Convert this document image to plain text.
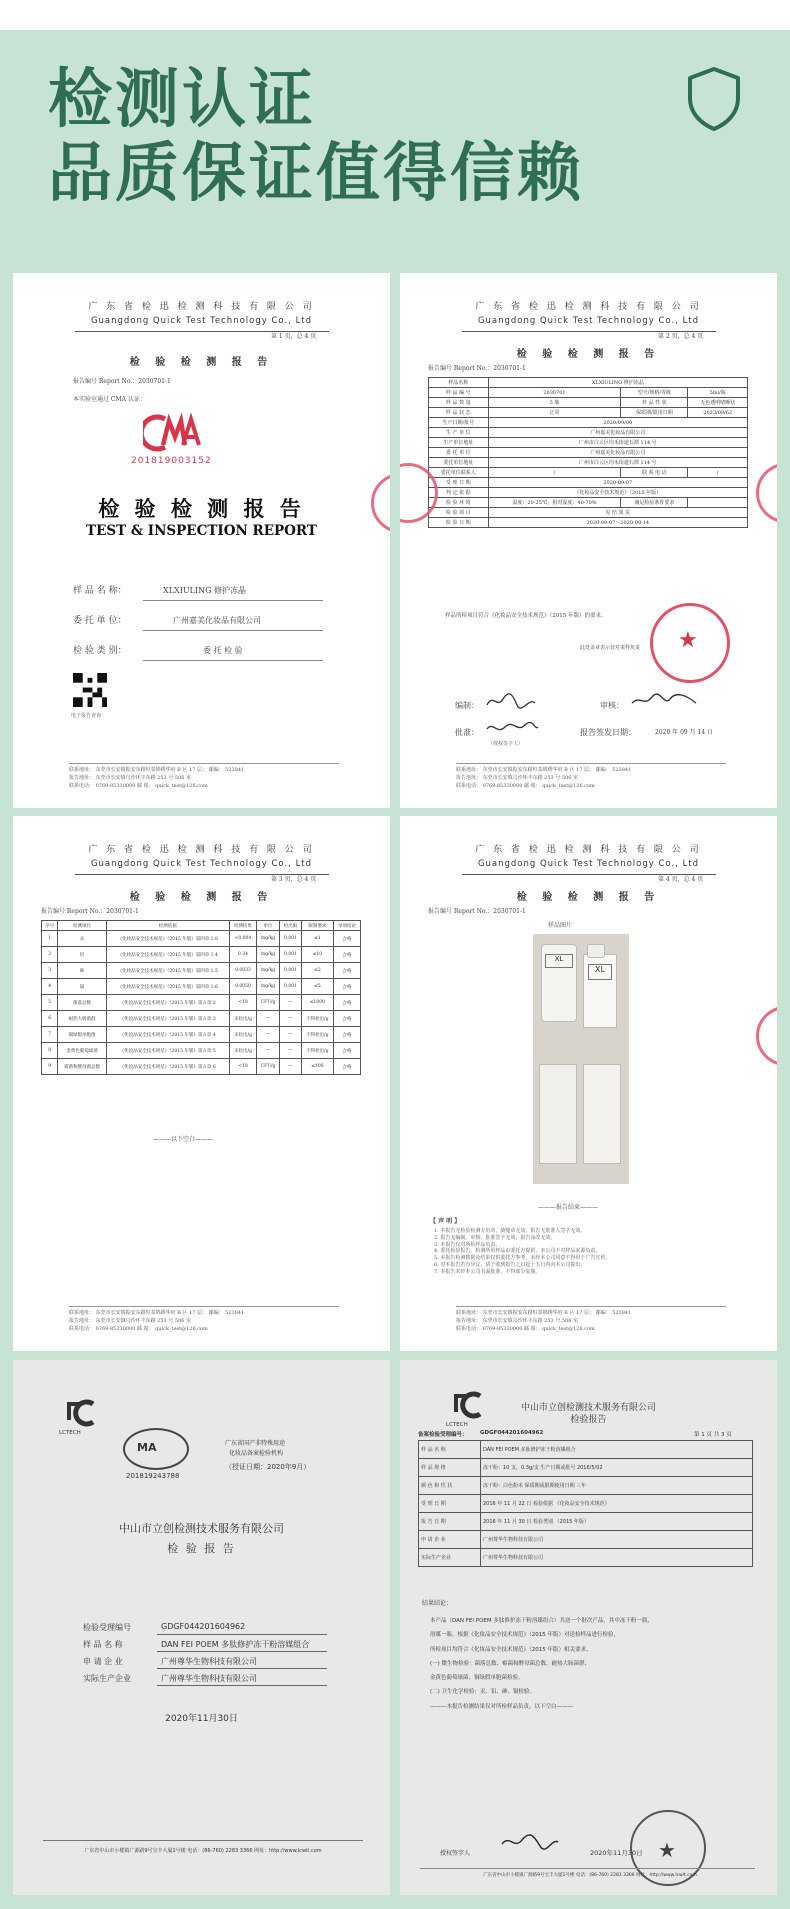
检测认证
品质保证值得信赖
广 东 省 检 迅 检 测 科 技 有 限 公 司
Guangdong Quick Test Technology Co., Ltd
第 1 页，总 4 页
检 验 检 测 报 告
报告编号 Report No.：2030701-1
本实验室通过 CMA 认证：
201819003152
检 验 检 测 报 告
TEST & INSPECTION REPORT
样 品 名 称：	XLXIULING 修护冻晶
委 托 单 位：	广州嘉美化妆品有限公司
检 验 类 别：	委 托 检 验
电子报告查询
联系地址： 东莞市长安镇振安东路恒泰锦绣华府 B 区 17 层； 邮编： 523841
报告地址： 东莞市长安镇乌沙环丰东路 253 号 506 室
联系电话： 0769-85330000 邮 箱： quick_test@126.com
广 东 省 检 迅 检 测 科 技 有 限 公 司
Guangdong Quick Test Technology Co., Ltd
第 2 页，总 4 页
检 验 检 测 报 告
报告编号 Report No.：2030701-1
样品名称	XLXIULING 修护冻晶		
样 品 编 号	2030701	型号/规格/等级	5ml/瓶
样 品 数 量	5 瓶	样 品 性 状	无色透明啫喱状
样 品 状 态	正常	保质期/限用日期	2023/09/62
生产日期/批号	2020/09/00		
生 产 单 位	广州嘉美化妆品有限公司		
生产单位地址	广州市白云区均禾街道石潭 114 号		
委 托 单 位	广州嘉美化妆品有限公司		
委托单位地址	广州市白云区均禾街道石潭 114 号		
委托单位联系人	/	联 系 电 话	/
受 理 日 期	2020-09-07		
判 定 依 据	《化妆品安全技术规范》（2015 年版）		
检 验 环 境	温度：20-25℃，相对湿度：40-70%	满足检验条件要求	
检 验 项 目	见 结 果 页		
检 验 日 期	2020-09-07～2020-09-14		
样品所检项目符合《化妆品安全技术规范》（2015 年版）的要求。
此处盖章表示仅对来样负责
编制：	审核：
批准：
（授权签字人）
报告签发日期：	2020 年 09 月 14 日
联系地址： 东莞市长安镇振安东路恒泰锦绣华府 B 区 17 层； 邮编： 523841
报告地址： 东莞市长安镇乌沙环丰东路 253 号 506 室
联系电话： 0769-85330000 邮 箱： quick_test@126.com
★
广 东 省 检 迅 检 测 科 技 有 限 公 司
Guangdong Quick Test Technology Co., Ltd
第 3 页，总 4 页
检 验 检 测 报 告
报告编号 Report No.：2030701-1
序号	检测项目	检测依据	检测结果	单位	检出限	限制要求	单项结论
1	汞	《化妆品安全技术规范》（2015 年版）第四章 1.8	<0.004	mg/kg	0.001	≤1	合格
2	铅	《化妆品安全技术规范》（2015 年版）第四章 1.4	0.34	mg/kg	0.001	≤10	合格
3	砷	《化妆品安全技术规范》（2015 年版）第四章 1.5	0.0033	mg/kg	0.001	≤2	合格
4	镉	《化妆品安全技术规范》（2015 年版）第四章 1.6	0.0050	mg/kg	0.001	≤5	合格
5	菌落总数	《化妆品安全技术规范》（2015 年版）第五章 2	<10	CFU/g	—	≤1000	合格
6	耐热大肠菌群	《化妆品安全技术规范》（2015 年版）第五章 3	未检出/g	—	—	不得检出/g	合格
7	铜绿假单胞菌	《化妆品安全技术规范》（2015 年版）第五章 4	未检出/g	—	—	不得检出/g	合格
8	金黄色葡萄球菌	《化妆品安全技术规范》（2015 年版）第五章 5	未检出/g	—	—	不得检出/g	合格
9	霉菌和酵母菌总数	《化妆品安全技术规范》（2015 年版）第五章 6	<10	CFU/g	—	≤100	合格
———以下空白———
联系地址： 东莞市长安镇振安东路恒泰锦绣华府 B 区 17 层； 邮编： 523841
报告地址： 东莞市长安镇乌沙环丰东路 253 号 506 室
联系电话： 0769-85330000 邮 箱： quick_test@126.com
广 东 省 检 迅 检 测 科 技 有 限 公 司
Guangdong Quick Test Technology Co., Ltd
第 4 页，总 4 页
检 验 检 测 报 告
报告编号 Report No.：2030701-1
样品图片
XL
XL
———报告结束———
【 声 明 】
1. 本报告无检验检测专用章、骑缝章无效，报告无批准人签字无效。
2. 报告无编制、审核、批准签字无效，报告涂改无效。
3. 本报告仅对所检样品负责。
4. 委托检验报告，检测所用样品由委托方提供，本公司不对样品来源负责。
5. 本报告检测数据及结果仅供委托方参考，未经本公司同意不得用于广告宣传。
6. 对本报告若有异议，请于收到报告之日起十五日内向本公司提出。
7. 本报告未经本公司书面批准，不得部分复制。
联系地址： 东莞市长安镇振安东路恒泰锦绣华府 B 区 17 层； 邮编： 523841
报告地址： 东莞市长安镇乌沙环丰东路 253 号 506 室
联系电话： 0769-85330000 邮 箱： quick_test@126.com
LCTECH
MA
201819243788
广东省国产非特殊用途
化妆品备案检验机构
（授证日期：2020年9月）
中山市立创检测技术服务有限公司
检 验 报 告
2020年11月30日
广东省中山市小榄镇广源路9号宝丰大厦1号楼 电话：(86-760) 2283 3366 网址：http://www.lcwit.com
检验受理编号	GDGF044201604962
样 品 名 称	DAN FEI POEM 多肽修护冻干粉溶媒组合
申 请 企 业	广州尊华生物科技有限公司
实际生产企业	广州尊华生物科技有限公司
LCTECH
中山市立创检测技术服务有限公司
检验报告
备案检验受理编号： GDGF044201604962	第 1 页 共 3 页
样 品 名 称	DAN FEI POEM 多肽修护冻干粉溶媒组合
样 品 规 格	冻干粉：10 支，0.3g/支 生产日期或批号 2016/5/02
颜 色 和 性 状	冻干粉：白色粉末 保质期或限期使用日期 三年
受 理 日 期	2016 年 11 月 22 日 检验依据 《化妆品安全技术规范》
报 告 日 期	2016 年 11 月 30 日 检验类别 （2015 年版）
申 请 企 业	广州尊华生物科技有限公司
实际生产企业	广州尊华生物科技有限公司
结果结论：
本产品（DAN FEI POEM 多肽修护冻干粉溶媒组合）共送一个批次产品，其中冻干粉一瓶，
溶媒一瓶。根据《化妆品安全技术规范》（2015 年版）对送检样品进行检验，
所检项目均符合《化妆品安全技术规范》（2015 年版）相关要求。
(一) 微生物检验：菌落总数、霉菌和酵母菌总数、耐热大肠菌群、
金黄色葡萄球菌、铜绿假单胞菌检验。
(二) 卫生化学检验：汞、铅、砷、镉检验。
———本报告检测结果仅对所检样品负责，以下空白———
授权签字人	2020年11月30日 ★
广东省中山市小榄镇广源路9号宝丰大厦1号楼 电话：(86-760) 2283 3366 网址：http://www.lcwit.com
